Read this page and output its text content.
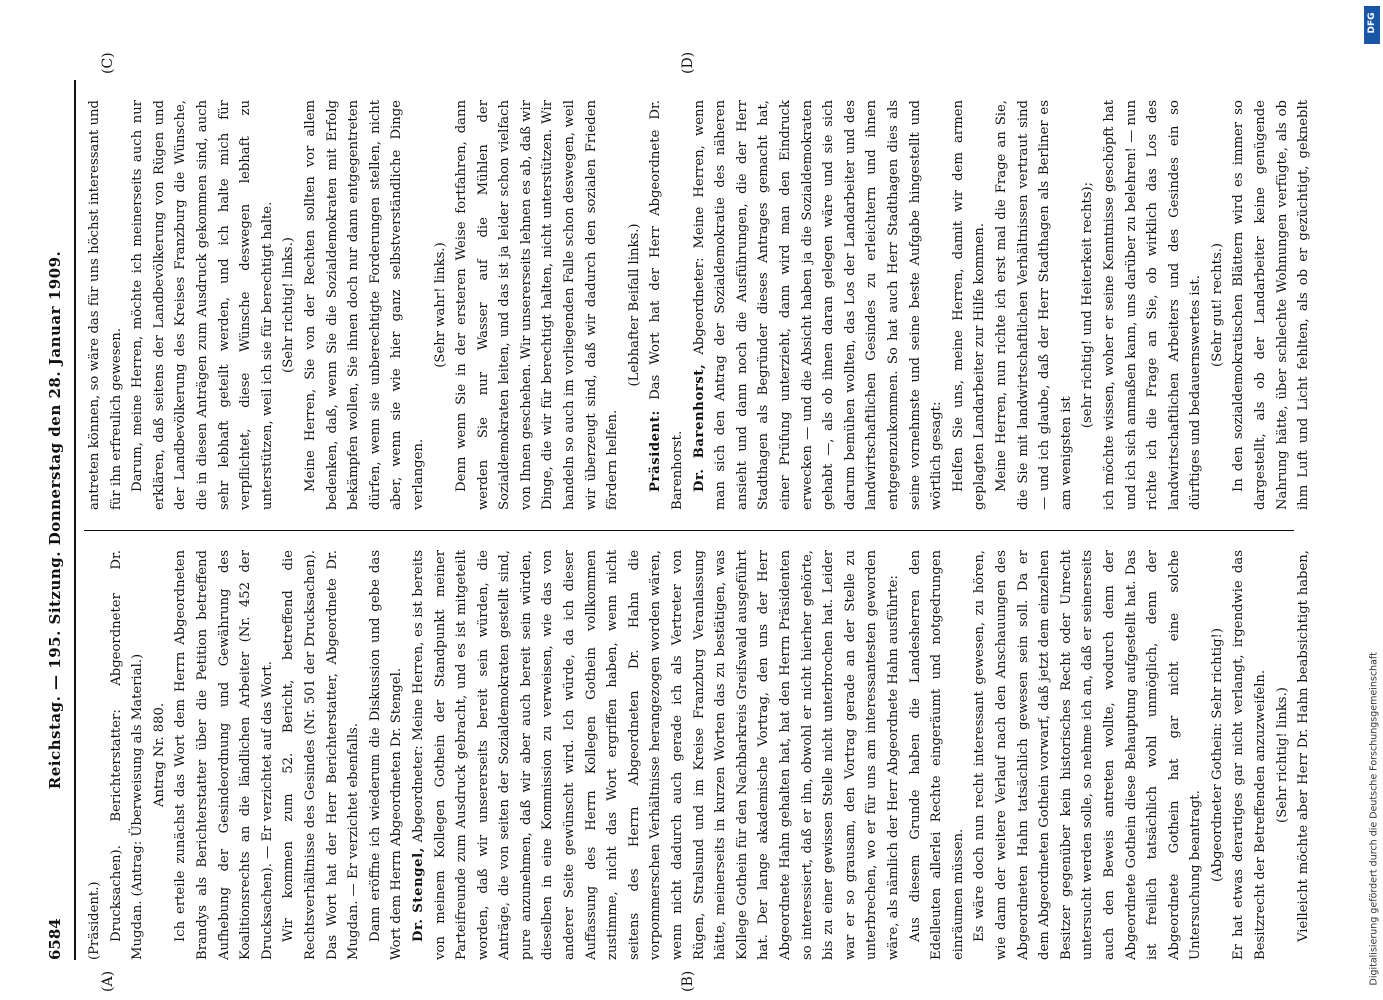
6584
Reichstag. — 195. Sitzung. Donnerstag den 28. Januar 1909.
(A)	(B)
(C)	(D)

(Präsident.) Drucksachen). Berichterstatter: Abgeordneter Dr. Mugdan. (Antrag: Überweisung als Material.) Antrag Nr. 880. Ich erteile zunächst das Wort dem Herrn Abgeordneten Brandys als Berichterstatter über die Petition betreffend Aufhebung der Gesindeordnung und Gewährung des Koalitionsrechts an die ländlichen Arbeiter (Nr. 452 der Drucksachen). — Er verzichtet auf das Wort. Wir kommen zum 52. Bericht, betreffend die Rechtsverhältnisse des Gesindes (Nr. 501 der Drucksachen). Das Wort hat der Herr Berichterstatter, Abgeordnete Dr. Mugdan. — Er verzichtet ebenfalls. Dann eröffne ich wiederum die Diskussion und gebe das Wort dem Herrn Abgeordneten Dr. Stengel. Dr. Stengel, Abgeordneter: Meine Herren, es ist bereits von meinem Kollegen Gothein der Standpunkt meiner Parteifreunde zum Ausdruck gebracht, und es ist mitgeteilt worden, daß wir unsererseits bereit sein würden, die Anträge, die von seiten der Sozialdemokraten gestellt sind, pure anzunehmen, daß wir aber auch bereit sein würden, dieselben in eine Kommission zu verweisen, wie das von anderer Seite gewünscht wird. Ich würde, da ich dieser Auffassung des Herrn Kollegen Gothein vollkommen zustimme, nicht das Wort ergriffen haben, wenn nicht seitens des Herrn Abgeordneten Dr. Hahn die vorpommerschen Verhältnisse herangezogen worden wären, wenn nicht dadurch auch gerade ich als Vertreter von Rügen, Stralsund und im Kreise Franzburg Veranlassung hätte, meinerseits in kurzen Worten das zu bestätigen, was Kollege Gothein für den Nachbarkreis Greifswald ausgeführt hat. Der lange akademische Vortrag, den uns der Herr Abgeordnete Hahn gehalten hat, hat den Herrn Präsidenten so interessiert, daß er ihn, obwohl er nicht hierher gehörte, bis zu einer gewissen Stelle nicht unterbrochen hat. Leider war er so grausam, den Vortrag gerade an der Stelle zu unterbrechen, wo er für uns am interessantesten geworden wäre, als nämlich der Herr Abgeordnete Hahn ausführte: Aus diesem Grunde haben die Landesherren den Edelleuten allerlei Rechte eingeräumt und notgedrungen einräumen müssen. Es wäre doch nun recht interessant gewesen, zu hören, wie dann der weitere Verlauf nach den Anschauungen des Abgeordneten Hahn tatsächlich gewesen sein soll. Da er dem Abgeordneten Gothein vorwarf, daß jetzt dem einzelnen Besitzer gegenüber kein historisches Recht oder Unrecht untersucht werden solle, so nehme ich an, daß er seinerseits auch den Beweis antreten wollte, wodurch denn der Abgeordnete Gothein diese Behauptung aufgestellt hat. Das ist freilich tatsächlich wohl unmöglich, denn der Abgeordnete Gothein hat gar nicht eine solche Untersuchung beantragt. (Abgeordneter Gothein: Sehr richtig!) Er hat etwas derartiges gar nicht verlangt, irgendwie das Besitzrecht der Betreffenden anzuzweifeln. (Sehr richtig! links.)

Vielleicht möchte aber Herr Dr. Hahn beabsichtigt haben,

antreten können, so wäre das für uns höchst interessant und für ihn erfreulich gewesen. Darum, meine Herren, möchte ich meinerseits auch nur erklären, daß seitens der Landbevölkerung von Rügen und der Landbevölkerung des Kreises Franzburg die Wünsche, die in diesen Anträgen zum Ausdruck gekommen sind, auch sehr lebhaft geteilt werden, und ich halte mich für verpflichtet, diese Wünsche deswegen lebhaft zu unterstützen, weil ich sie für berechtigt halte. (Sehr richtig! links.) Meine Herren, Sie von der Rechten sollten vor allem bedenken, daß, wenn Sie die Sozialdemokraten mit Erfolg bekämpfen wollen, Sie ihnen doch nur dann entgegentreten dürfen, wenn sie unberechtigte Forderungen stellen, nicht aber, wenn sie wie hier ganz selbstverständliche Dinge verlangen.

(Sehr wahr! links.) Denn wenn Sie in der ersteren Weise fortfahren, dann werden Sie nur Wasser auf die Mühlen der Sozialdemokraten leiten, und das ist ja leider schon vielfach von Ihnen geschehen. Wir unsererseits lehnen es ab, daß wir Dinge, die wir für berechtigt halten, nicht unterstützen. Wir handeln so auch im vorliegenden Falle schon deswegen, weil wir überzeugt sind, daß wir dadurch den sozialen Frieden fördern helfen.

(Lebhafter Beifall links.)

Präsident: Das Wort hat der Herr Abgeordnete Dr. Barenhorst. Dr. Barenhorst, Abgeordneter: Meine Herren, wenn man sich den Antrag der Sozialdemokratie des näheren ansieht und dann noch die Ausführungen, die der Herr Stadthagen als Begründer dieses Antrages gemacht hat, einer Prüfung unterzieht, dann wird man den Eindruck erwecken — und die Absicht haben ja die Sozialdemokraten gehabt —, als ob ihnen daran gelegen wäre und sie sich darum bemühen wollten, das Los der Landarbeiter und des landwirtschaftlichen Gesindes zu erleichtern und ihnen entgegenzukommen. So hat auch Herr Stadthagen dies als seine vornehmste und seine beste Aufgabe hingestellt und wörtlich gesagt: Helfen Sie uns, meine Herren, damit wir dem armen geplagten Landarbeiter zur Hilfe kommen. Meine Herren, nun richte ich erst mal die Frage an Sie, die Sie mit landwirtschaftlichen Verhältnissen vertraut sind — und ich glaube, daß der Herr Stadthagen als Berliner es am wenigsten ist

(sehr richtig! und Heiterkeit rechts); ich möchte wissen, woher er seine Kenntnisse geschöpft hat und ich sich anmaßen kann, uns darüber zu belehren! — nun richte ich die Frage an Sie, ob wirklich das Los des landwirtschaftlichen Arbeiters und des Gesindes ein so dürftiges und bedauernswertes ist. (Sehr gut! rechts.)

In den sozialdemokratischen Blättern wird es immer so dargestellt, als ob der Landarbeiter keine genügende Nahrung hätte, über schlechte Wohnungen verfügte, als ob ihm Luft und Licht fehlten, als ob er gezüchtigt, gekneblt

DFG
Digitalisierung gefördert durch die Deutsche Forschungsgemeinschaft
